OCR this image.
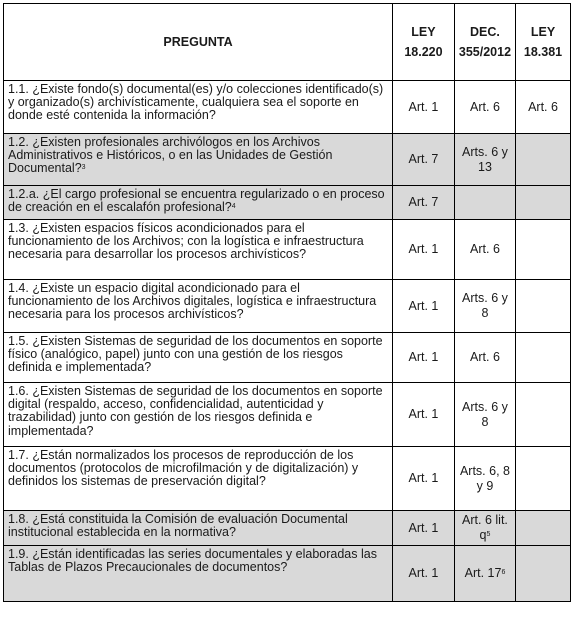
PREGUNTA	LEY 18.220	DEC. 355/2012	LEY 18.381
1.1. ¿Existe fondo(s) documental(es) y/o colecciones identificado(s) y organizado(s) archivísticamente, cualquiera sea el soporte en donde esté contenida la información?	Art. 1	Art. 6	Art. 6
1.2. ¿Existen profesionales archivólogos en los Archivos Administrativos e Históricos, o en las Unidades de Gestión Documental?$^3$	Art. 7	Arts. 6 y 13	
1.2.a. ¿El cargo profesional se encuentra regularizado o en proceso de creación en el escalafón profesional?$^4$	Art. 7		
1.3. ¿Existen espacios físicos acondicionados para el funcionamiento de los Archivos; con la logística e infraestructura necesaria para desarrollar los procesos archivísticos?	Art. 1	Art. 6	
1.4. ¿Existe un espacio digital acondicionado para el funcionamiento de los Archivos digitales, logística e infraestructura necesaria para los procesos archivísticos?	Art. 1	Arts. 6 y 8	
1.5. ¿Existen Sistemas de seguridad de los documentos en soporte físico (analógico, papel) junto con una gestión de los riesgos definida e implementada?	Art. 1	Art. 6	
1.6. ¿Existen Sistemas de seguridad de los documentos en soporte digital (respaldo, acceso, confidencialidad, autenticidad y trazabilidad) junto con gestión de los riesgos definida e implementada?	Art. 1	Arts. 6 y 8	
1.7. ¿Están normalizados los procesos de reproducción de los documentos (protocolos de microfilmación y de digitalización) y definidos los sistemas de preservación digital?	Art. 1	Arts. 6, 8 y 9	
1.8. ¿Está constituida la Comisión de evaluación Documental institucional establecida en la normativa?	Art. 1	Art. 6 lit. $q^5$	
1.9. ¿Están identificadas las series documentales y elaboradas las Tablas de Plazos Precaucionales de documentos?	Art. 1	Art. $17^6$	
